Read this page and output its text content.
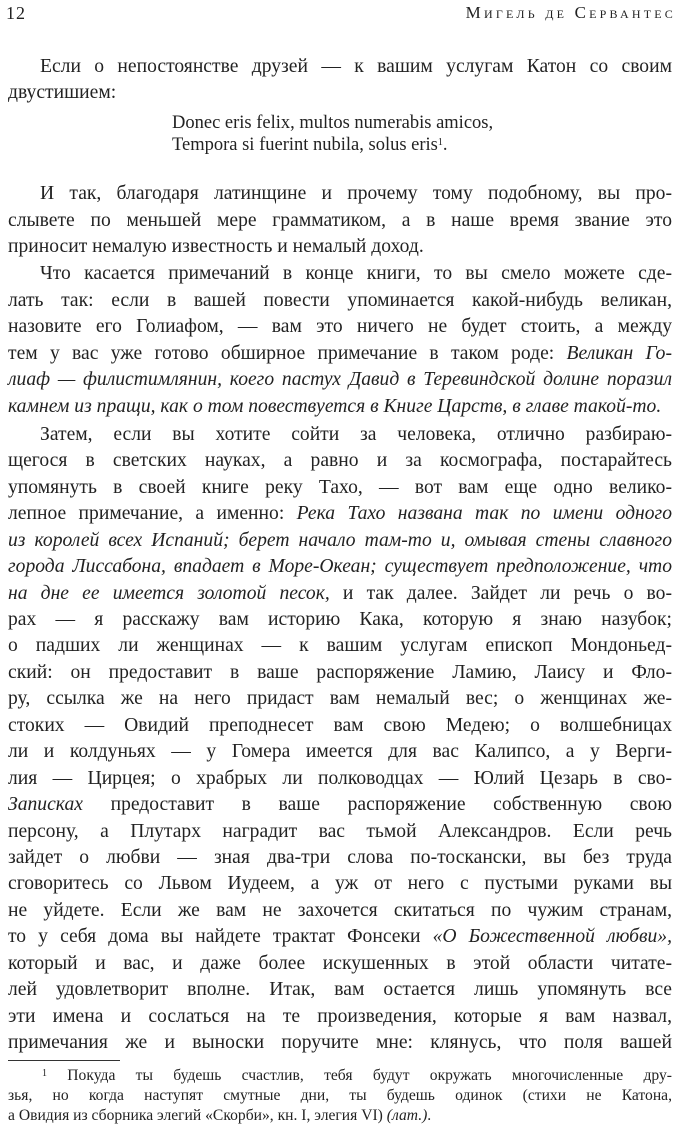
12	Мигель де Сервантес
Если о непостоянстве друзей — к вашим услугам Катон со своим
двустишием:
Donec eris felix, multos numerabis amicos,
Tempora si fuerint nubila, solus eris$^1$.
И так, благодаря латинщине и прочему тому подобному, вы про-
слывете по меньшей мере грамматиком, а в наше время звание это
приносит немалую известность и немалый доход.
Что касается примечаний в конце книги, то вы смело можете сде-
лать так: если в вашей повести упоминается какой-нибудь великан,
назовите его Голиафом, — вам это ничего не будет стоить, а между
тем у вас уже готово обширное примечание в таком роде: Великан Го-
лиаф — филистимлянин, коего пастух Давид в Теревиндской долине поразил
камнем из пращи, как о том повествуется в Книге Царств, в главе такой-то.
Затем, если вы хотите сойти за человека, отлично разбираю-
щегося в светских науках, а равно и за космографа, постарайтесь
упомянуть в своей книге реку Тахо, — вот вам еще одно велико-
лепное примечание, а именно: Река Тахо названа так по имени одного
из королей всех Испаний; берет начало там-то и, омывая стены славного
города Лиссабона, впадает в Море-Океан; существует предположение, что
на дне ее имеется золотой песок, и так далее. Зайдет ли речь о во-
рах — я расскажу вам историю Кака, которую я знаю назубок;
о падших ли женщинах — к вашим услугам епископ Мондоньед-
ский: он предоставит в ваше распоряжение Ламию, Лаису и Фло-
ру, ссылка же на него придаст вам немалый вес; о женщинах же-
стоких — Овидий преподнесет вам свою Медею; о волшебницах
ли и колдуньях — у Гомера имеется для вас Калипсо, а у Верги-
лия — Цирцея; о храбрых ли полководцах — Юлий Цезарь в сво-
Записках предоставит в ваше распоряжение собственную свою
персону, а Плутарх наградит вас тьмой Александров. Если речь
зайдет о любви — зная два-три слова по-тоскански, вы без труда
сговоритесь со Львом Иудеем, а уж от него с пустыми руками вы
не уйдете. Если же вам не захочется скитаться по чужим странам,
то у себя дома вы найдете трактат Фонсеки «О Божественной любви»,
который и вас, и даже более искушенных в этой области читате-
лей удовлетворит вполне. Итак, вам остается лишь упомянуть все
эти имена и сослаться на те произведения, которые я вам назвал,
примечания же и выноски поручите мне: клянусь, что поля вашей
$^1$ Покуда ты будешь счастлив, тебя будут окружать многочисленные дру-
зья, но когда наступят смутные дни, ты будешь одинок (стихи не Катона,
а Овидия из сборника элегий «Скорби», кн. I, элегия VI) (лат.).
